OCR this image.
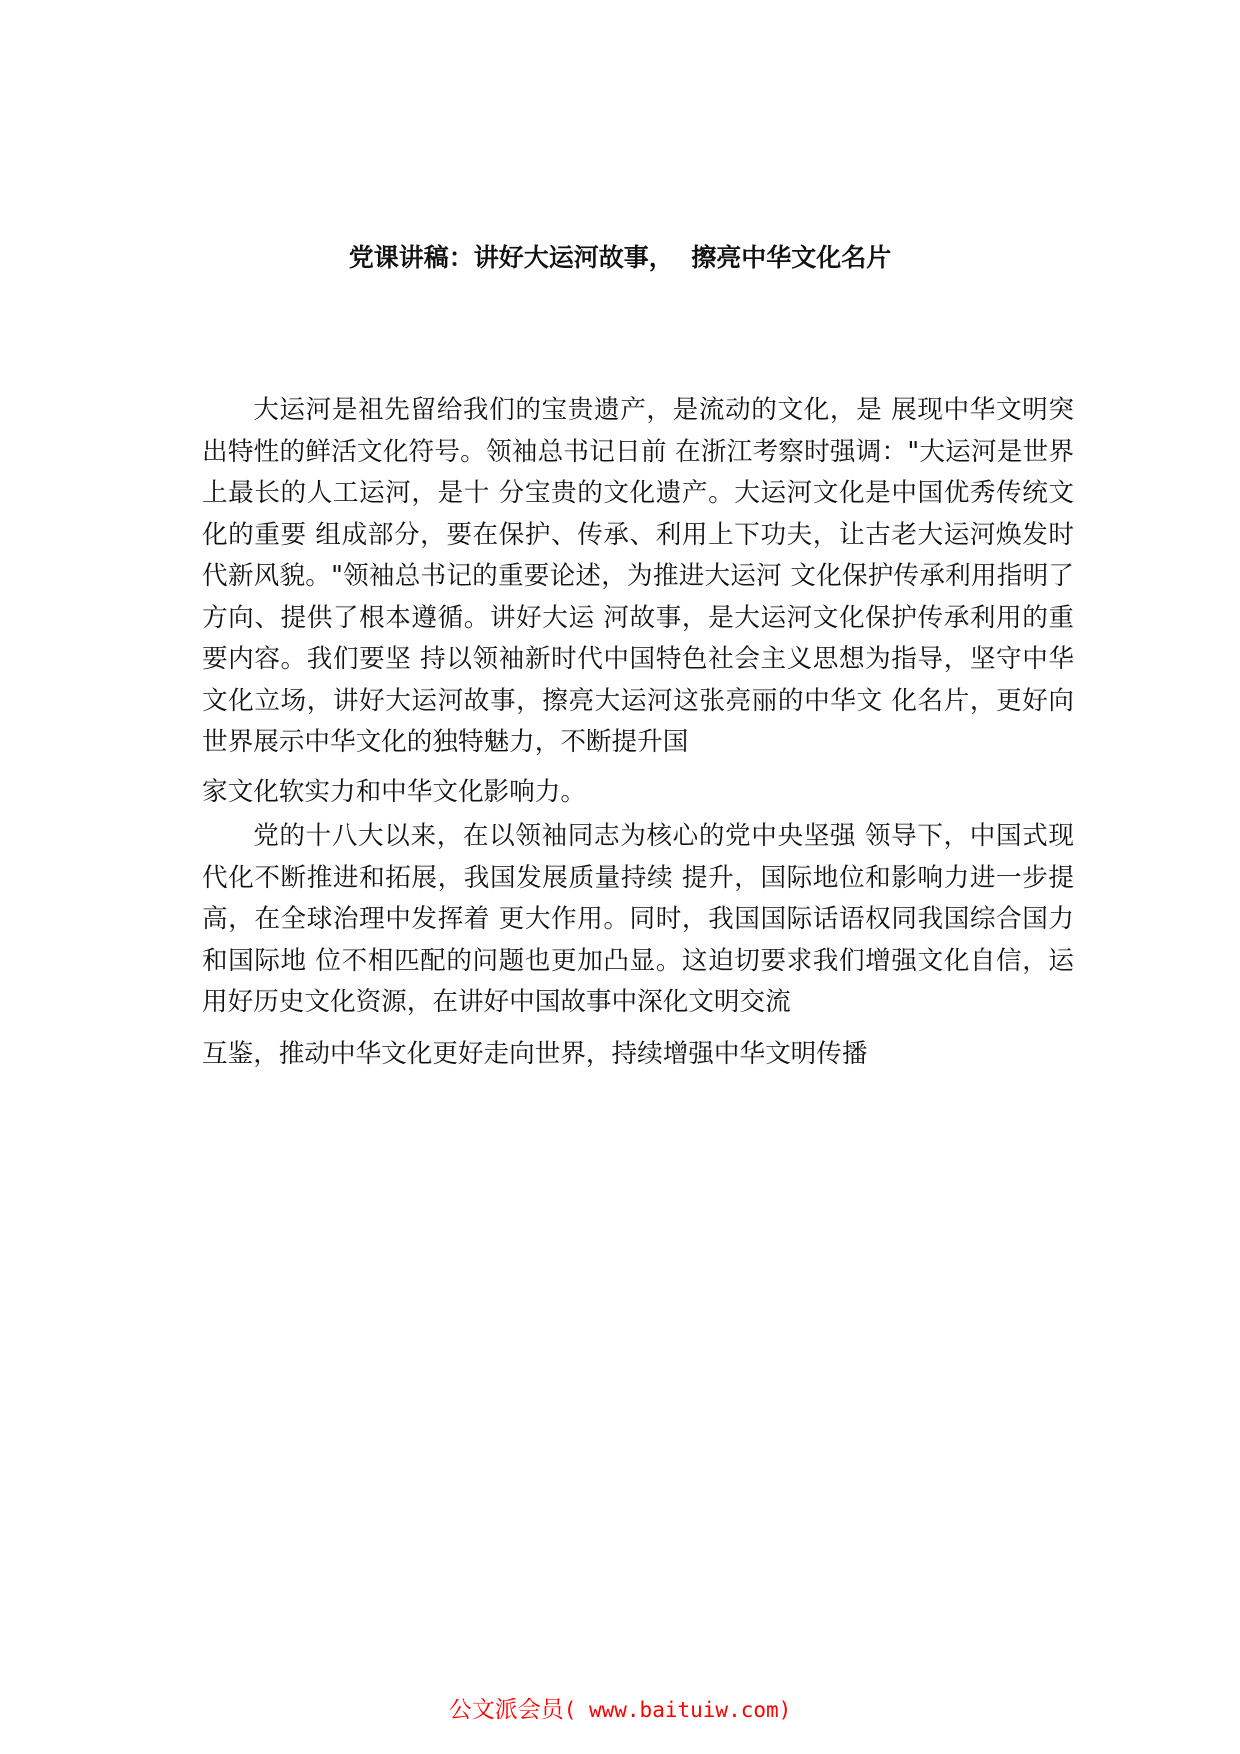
党课讲稿：讲好大运河故事，  擦亮中华文化名片
大运河是祖先留给我们的宝贵遗产，是流动的文化，是 展现中华文明突出特性的鲜活文化符号。领袖总书记日前 在浙江考察时强调："大运河是世界上最长的人工运河，是十 分宝贵的文化遗产。大运河文化是中国优秀传统文化的重要 组成部分，要在保护、传承、利用上下功夫，让古老大运河焕发时代新风貌。"领袖总书记的重要论述，为推进大运河 文化保护传承利用指明了方向、提供了根本遵循。讲好大运 河故事，是大运河文化保护传承利用的重要内容。我们要坚 持以领袖新时代中国特色社会主义思想为指导，坚守中华 文化立场，讲好大运河故事，擦亮大运河这张亮丽的中华文 化名片，更好向世界展示中华文化的独特魅力，不断提升国
家文化软实力和中华文化影响力。
党的十八大以来，在以领袖同志为核心的党中央坚强 领导下，中国式现代化不断推进和拓展，我国发展质量持续 提升，国际地位和影响力进一步提高，在全球治理中发挥着 更大作用。同时，我国国际话语权同我国综合国力和国际地 位不相匹配的问题也更加凸显。这迫切要求我们增强文化自信，运用好历史文化资源，在讲好中国故事中深化文明交流
互鉴，推动中华文化更好走向世界，持续增强中华文明传播
公文派会员( www.baituiw.com)
